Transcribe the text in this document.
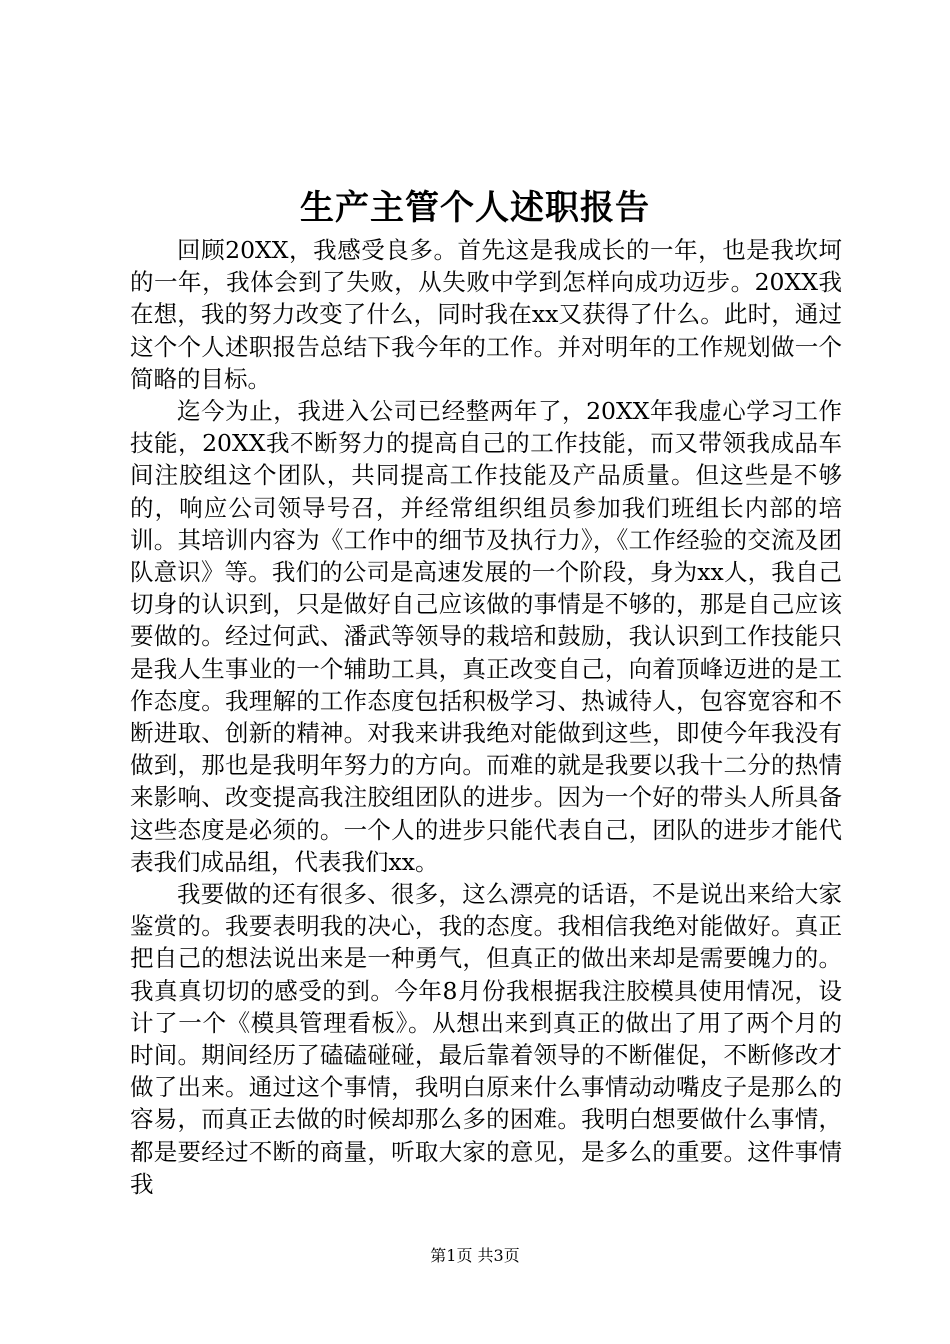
生产主管个人述职报告

回顾20XX，我感受良多。首先这是我成长的一年，也是我坎坷的一年，我体会到了失败，从失败中学到怎样向成功迈步。20XX我在想，我的努力改变了什么，同时我在xx又获得了什么。此时，通过这个个人述职报告总结下我今年的工作。并对明年的工作规划做一个简略的目标。

迄今为止，我进入公司已经整两年了，20XX年我虚心学习工作技能，20XX我不断努力的提高自己的工作技能，而又带领我成品车间注胶组这个团队，共同提高工作技能及产品质量。但这些是不够的，响应公司领导号召，并经常组织组员参加我们班组长内部的培训。其培训内容为《工作中的细节及执行力》，《工作经验的交流及团队意识》等。我们的公司是高速发展的一个阶段，身为xx人，我自己切身的认识到，只是做好自己应该做的事情是不够的，那是自己应该要做的。经过何武、潘武等领导的栽培和鼓励，我认识到工作技能只是我人生事业的一个辅助工具，真正改变自己，向着顶峰迈进的是工作态度。我理解的工作态度包括积极学习、热诚待人，包容宽容和不断进取、创新的精神。对我来讲我绝对能做到这些，即使今年我没有做到，那也是我明年努力的方向。而难的就是我要以我十二分的热情来影响、改变提高我注胶组团队的进步。因为一个好的带头人所具备这些态度是必须的。一个人的进步只能代表自己，团队的进步才能代表我们成品组，代表我们xx。

我要做的还有很多、很多，这么漂亮的话语，不是说出来给大家鉴赏的。我要表明我的决心，我的态度。我相信我绝对能做好。真正把自己的想法说出来是一种勇气，但真正的做出来却是需要魄力的。我真真切切的感受的到。今年8月份我根据我注胶模具使用情况，设计了一个《模具管理看板》。从想出来到真正的做出了用了两个月的时间。期间经历了磕磕碰碰，最后靠着领导的不断催促，不断修改才做了出来。通过这个事情，我明白原来什么事情动动嘴皮子是那么的容易，而真正去做的时候却那么多的困难。我明白想要做什么事情，都是要经过不断的商量，听取大家的意见，是多么的重要。这件事情我

第1页 共3页
